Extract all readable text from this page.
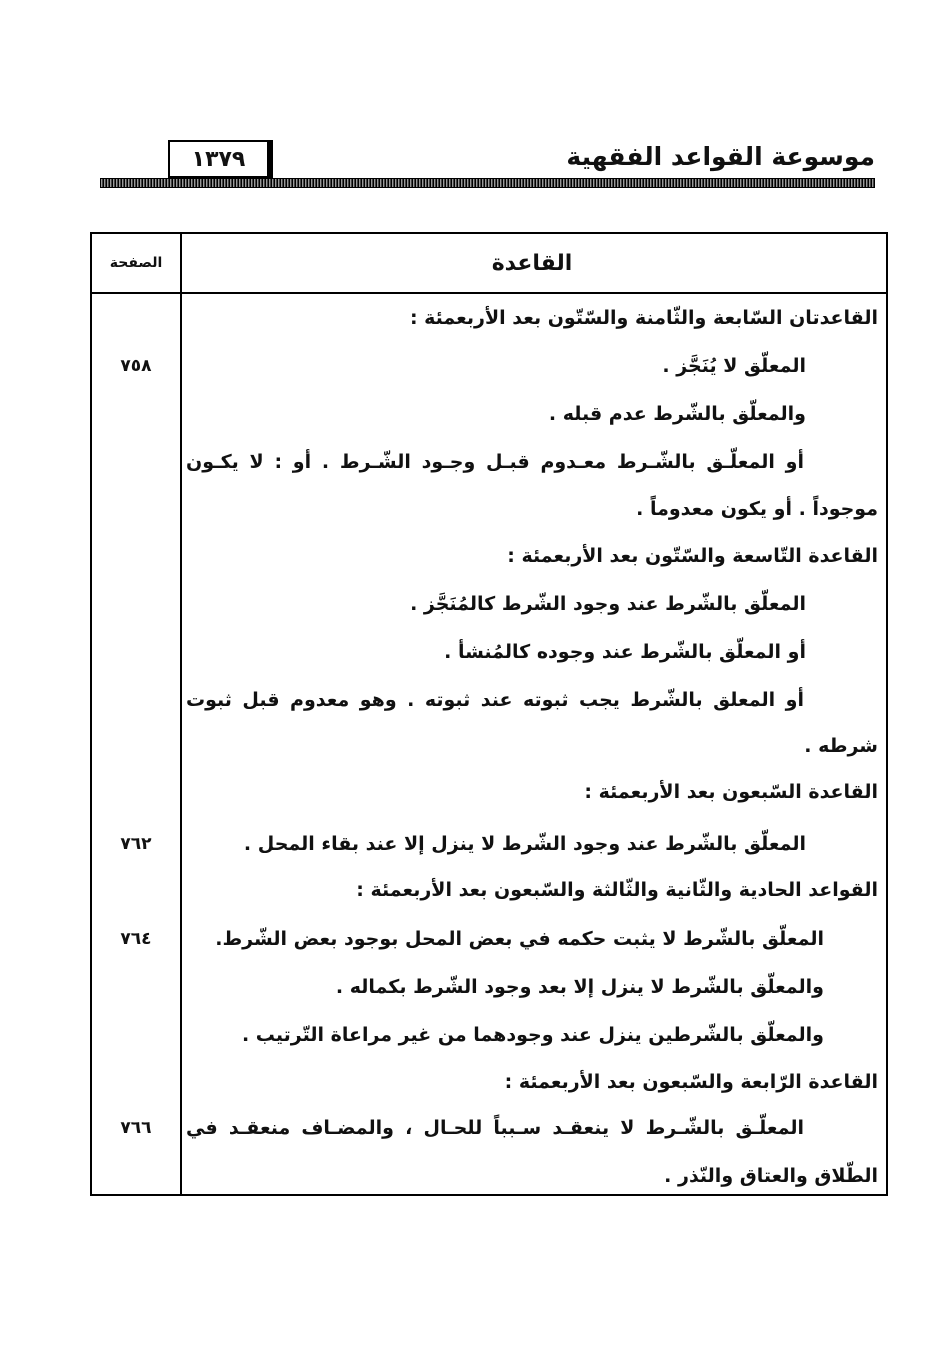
موسوعة القواعد الفقهية
١٣٧٩
القاعدة
الصفحة
القاعدتان السّابعة والثّامنة والسّتّون بعد الأربعمئة :
المعلّق لا يُنَجَّز .
٧٥٨
والمعلّق بالشّرط عدم قبله .
أو المعلّـق بالشّـرط معـدوم قبـل وجـود الشّـرط . أو : لا يكـون
موجوداً . أو يكون معدوماً .
القاعدة التّاسعة والسّتّون بعد الأربعمئة :
المعلّق بالشّرط عند وجود الشّرط كالمُنَجَّز .
أو المعلّق بالشّرط عند وجوده كالمُنشأ .
أو المعلق بالشّرط يجب ثبوته عند ثبوته . وهو معدوم قبل ثبوت
شرطه .
القاعدة السّبعون بعد الأربعمئة :
المعلّق بالشّرط عند وجود الشّرط لا ينزل إلا عند بقاء المحل .
٧٦٢
القواعد الحادية والثّانية والثّالثة والسّبعون بعد الأربعمئة :
المعلّق بالشّرط لا يثبت حكمه في بعض المحل بوجود بعض الشّرط.
٧٦٤
والمعلّق بالشّرط لا ينزل إلا بعد وجود الشّرط بكماله .
والمعلّق بالشّرطين ينزل عند وجودهما من غير مراعاة التّرتيب .
القاعدة الرّابعة والسّبعون بعد الأربعمئة :
المعلّـق بالشّـرط لا ينعقـد سـبباً للحـال ، والمضـاف منعقـد في
٧٦٦
الطّلاق والعتاق والنّذر .
